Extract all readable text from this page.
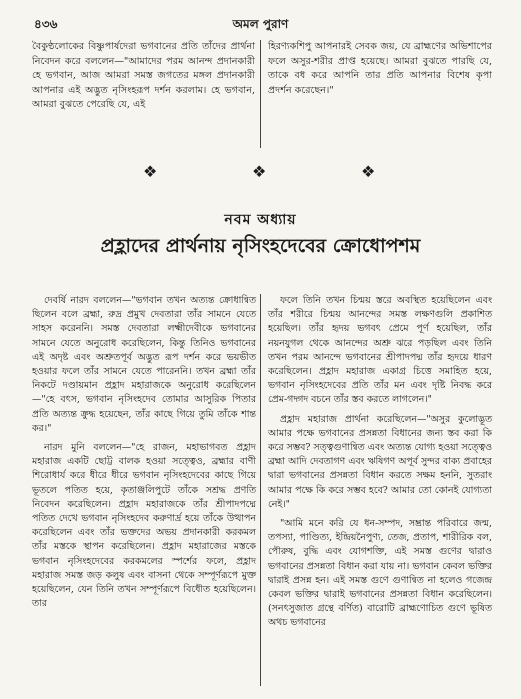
৪৩৬	অমল পুরাণ

বৈকুণ্ঠলোকের বিষ্ণুপার্ষদেরা ভগবানের প্রতি তাঁদের প্রার্থনা নিবেদন করে বললেন—"আমাদের পরম আনন্দ প্রদানকারী হে ভগবান, আজ আমরা সমস্ত জগতের মঙ্গল প্রদানকারী আপনার এই অদ্ভুত নৃসিংহরূপ দর্শন করলাম। হে ভগবান, আমরা বুঝতে পেরেছি যে, এই

হিরণ্যকশিপু আপনারই সেবক জয়, যে ব্রাহ্মণের অভিশাপের ফলে অসুর-শরীর প্রাপ্ত হয়েছে। আমরা বুঝতে পারছি যে, তাকে বধ করে আপনি তার প্রতি আপনার বিশেষ কৃপা প্রদর্শন করেছেন।"

❖	❖	❖
নবম অধ্যায়
প্রহ্লাদের প্রার্থনায় নৃসিংহদেবের ক্রোধোপশম

দেবর্ষি নারদ বললেন—"ভগবান তখন অত্যন্ত ক্রোধান্বিত ছিলেন বলে ব্রহ্মা, রুদ্র প্রমুখ দেবতারা তাঁর সামনে যেতে সাহস করেননি। সমস্ত দেবতারা লক্ষ্মীদেবীকে ভগবানের সামনে যেতে অনুরোধ করেছিলেন, কিন্তু তিনিও ভগবানের এই অদৃষ্ট এবং অশ্রুতপূর্ব অদ্ভুত রূপ দর্শন করে ভয়ভীত হওয়ার ফলে তাঁর সামনে যেতে পারেননি। তখন ব্রহ্মা তাঁর নিকটে দণ্ডায়মান প্রহ্লাদ মহারাজকে অনুরোধ করেছিলেন—"হে বৎস, ভগবান নৃসিংহদেব তোমার আসুরিক পিতার প্রতি অত্যন্ত ক্রুদ্ধ হয়েছেন, তাঁর কাছে গিয়ে তুমি তাঁকে শান্ত কর।"

নারদ মুনি বললেন—"হে রাজন, মহাভাগবত প্রহ্লাদ মহারাজ একটি ছোট্ট বালক হওয়া সত্ত্বেও, ব্রহ্মার বাণী শিরোধার্য করে ধীরে ধীরে ভগবান নৃসিংহদেবের কাছে গিয়ে ভূতলে পতিত হয়ে, কৃতাঞ্জলিপুটে তাঁকে সশ্রদ্ধ প্রণতি নিবেদন করেছিলেন। প্রহ্লাদ মহারাজকে তাঁর শ্রীপাদপদ্মে পতিত দেখে ভগবান নৃসিংহদেব করুণার্দ্র হয়ে তাঁকে উত্থাপন করেছিলেন এবং তাঁর ভক্তদের অভয় প্রদানকারী করকমল তাঁর মস্তকে স্থাপন করেছিলেন। প্রহ্লাদ মহারাজের মস্তকে ভগবান নৃসিংহদেবের করকমলের স্পর্শের ফলে, প্রহ্লাদ মহারাজ সমস্ত জড় কলুষ এবং বাসনা থেকে সম্পূর্ণরূপে মুক্ত হয়েছিলেন, যেন তিনি তখন সম্পূর্ণরূপে বিধৌত হয়েছিলেন। তার

ফলে তিনি তখন চিন্ময় স্তরে অবস্থিত হয়েছিলেন এবং তাঁর শরীরে চিন্ময় আনন্দের সমস্ত লক্ষণগুলি প্রকাশিত হয়েছিল। তাঁর হৃদয় ভগবৎ প্রেমে পূর্ণ হয়েছিল, তাঁর নয়নযুগল থেকে আনন্দের অশ্রু ঝরে পড়ছিল এবং তিনি তখন পরম আনন্দে ভগবানের শ্রীপাদপদ্ম তাঁর হৃদয়ে ধারণ করেছিলেন। প্রহ্লাদ মহারাজ একাগ্র চিত্তে সমাহিত হয়ে, ভগবান নৃসিংহদেবের প্রতি তাঁর মন এবং দৃষ্টি নিবদ্ধ করে প্রেম-গদ্গদ বচনে তাঁর স্তব করতে লাগলেন।"

প্রহ্লাদ মহারাজ প্রার্থনা করেছিলেন—"অসুর কুলোদ্ভূত আমার পক্ষে ভগবানের প্রসন্নতা বিধানের জন্য স্তব করা কি করে সম্ভব? সত্ত্বগুণান্বিত এবং অত্যন্ত যোগ্য হওয়া সত্ত্বেও ব্রহ্মা আদি দেবতাগণ এবং ঋষিগণ অপূর্ব সুন্দর বাক্য প্রবাহের দ্বারা ভগবানের প্রসন্নতা বিধান করতে সক্ষম হননি, সুতরাং আমার পক্ষে কি করে সম্ভব হবে? আমার তো কোনই যোগ্যতা নেই।"

"আমি মনে করি যে ধন-সম্পদ, সম্ভ্রান্ত পরিবারে জন্ম, তপস্যা, পাণ্ডিত্য, ইন্দ্রিয়নৈপুণ্য, তেজ, প্রতাপ, শারীরিক বল, পৌরুষ, বুদ্ধি এবং যোগশক্তি, এই সমস্ত গুণের দ্বারাও ভগবানের প্রসন্নতা বিধান করা যায় না। ভগবান কেবল ভক্তির দ্বারাই প্রসন্ন হন। এই সমস্ত গুণে গুণান্বিত না হলেও গজেন্দ্র কেবল ভক্তির দ্বারাই ভগবানের প্রসন্নতা বিধান করেছিলেন। (সনৎসুজাত গ্রন্থে বর্ণিত) বারোটি ব্রাহ্মণোচিত গুণে ভূষিত অথচ ভগবানের
